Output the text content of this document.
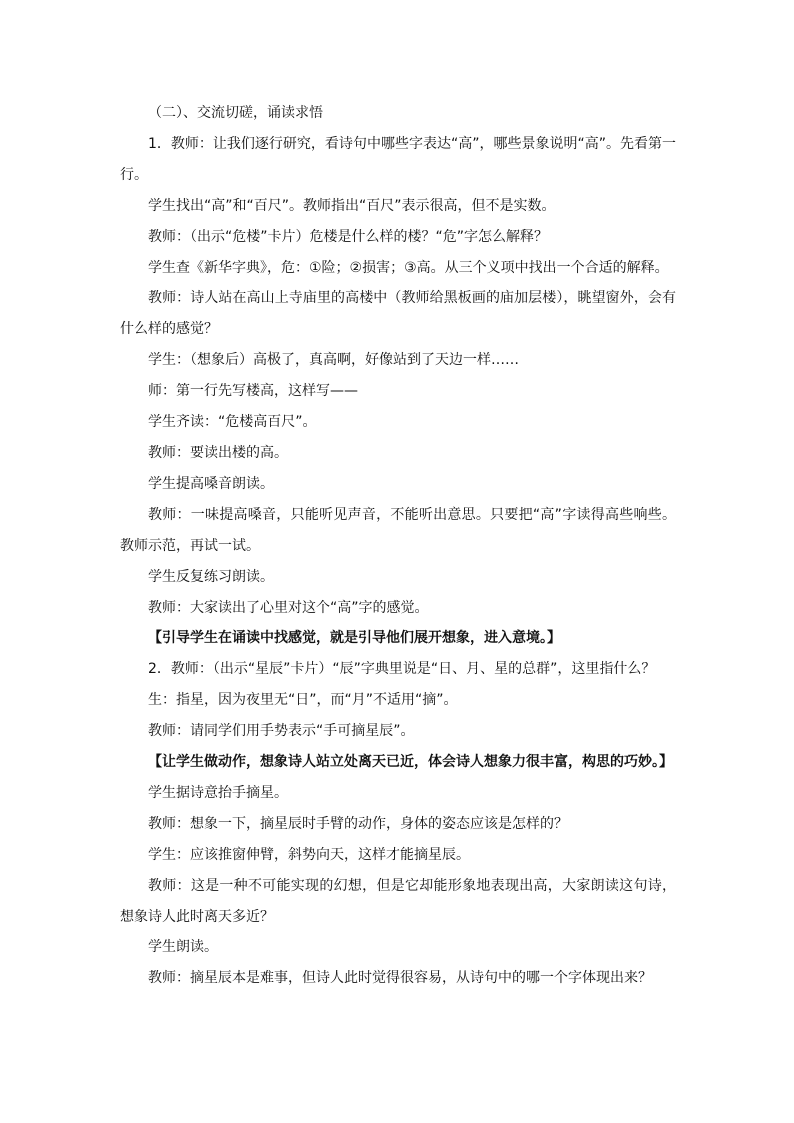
（二）、交流切磋，诵读求悟

1．教师：让我们逐行研究，看诗句中哪些字表达“高”，哪些景象说明“高”。先看第一行。

学生找出“高”和“百尺”。教师指出“百尺”表示很高，但不是实数。

教师：（出示“危楼”卡片）危楼是什么样的楼？“危”字怎么解释？

学生查《新华字典》，危：①险；②损害；③高。从三个义项中找出一个合适的解释。

教师：诗人站在高山上寺庙里的高楼中（教师给黑板画的庙加层楼），眺望窗外，会有什么样的感觉？

学生：（想象后）高极了，真高啊，好像站到了天边一样……

师：第一行先写楼高，这样写——

学生齐读：“危楼高百尺”。

教师：要读出楼的高。

学生提高嗓音朗读。

教师：一味提高嗓音，只能听见声音，不能听出意思。只要把“高”字读得高些响些。教师示范，再试一试。

学生反复练习朗读。

教师：大家读出了心里对这个“高”字的感觉。

【引导学生在诵读中找感觉，就是引导他们展开想象，进入意境。】

2．教师：（出示“星辰”卡片）“辰”字典里说是“日、月、星的总群”，这里指什么？

生：指星，因为夜里无“日”，而“月”不适用“摘”。

教师：请同学们用手势表示“手可摘星辰”。

【让学生做动作，想象诗人站立处离天已近，体会诗人想象力很丰富，构思的巧妙。】

学生据诗意抬手摘星。

教师：想象一下，摘星辰时手臂的动作，身体的姿态应该是怎样的？

学生：应该推窗伸臂，斜势向天，这样才能摘星辰。

教师：这是一种不可能实现的幻想，但是它却能形象地表现出高，大家朗读这句诗，想象诗人此时离天多近？

学生朗读。

教师：摘星辰本是难事，但诗人此时觉得很容易，从诗句中的哪一个字体现出来？
